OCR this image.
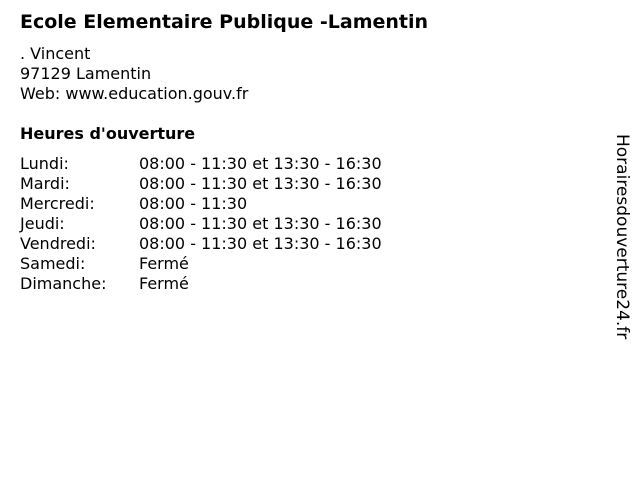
Ecole Elementaire Publique -Lamentin
. Vincent
97129 Lamentin
Web: www.education.gouv.fr
Heures d'ouverture
Lundi:	08:00 - 11:30 et 13:30 - 16:30
Mardi:	08:00 - 11:30 et 13:30 - 16:30
Mercredi:	08:00 - 11:30
Jeudi:	08:00 - 11:30 et 13:30 - 16:30
Vendredi:	08:00 - 11:30 et 13:30 - 16:30
Samedi:	Fermé
Dimanche:	Fermé	Horairesdouverture24.fr
